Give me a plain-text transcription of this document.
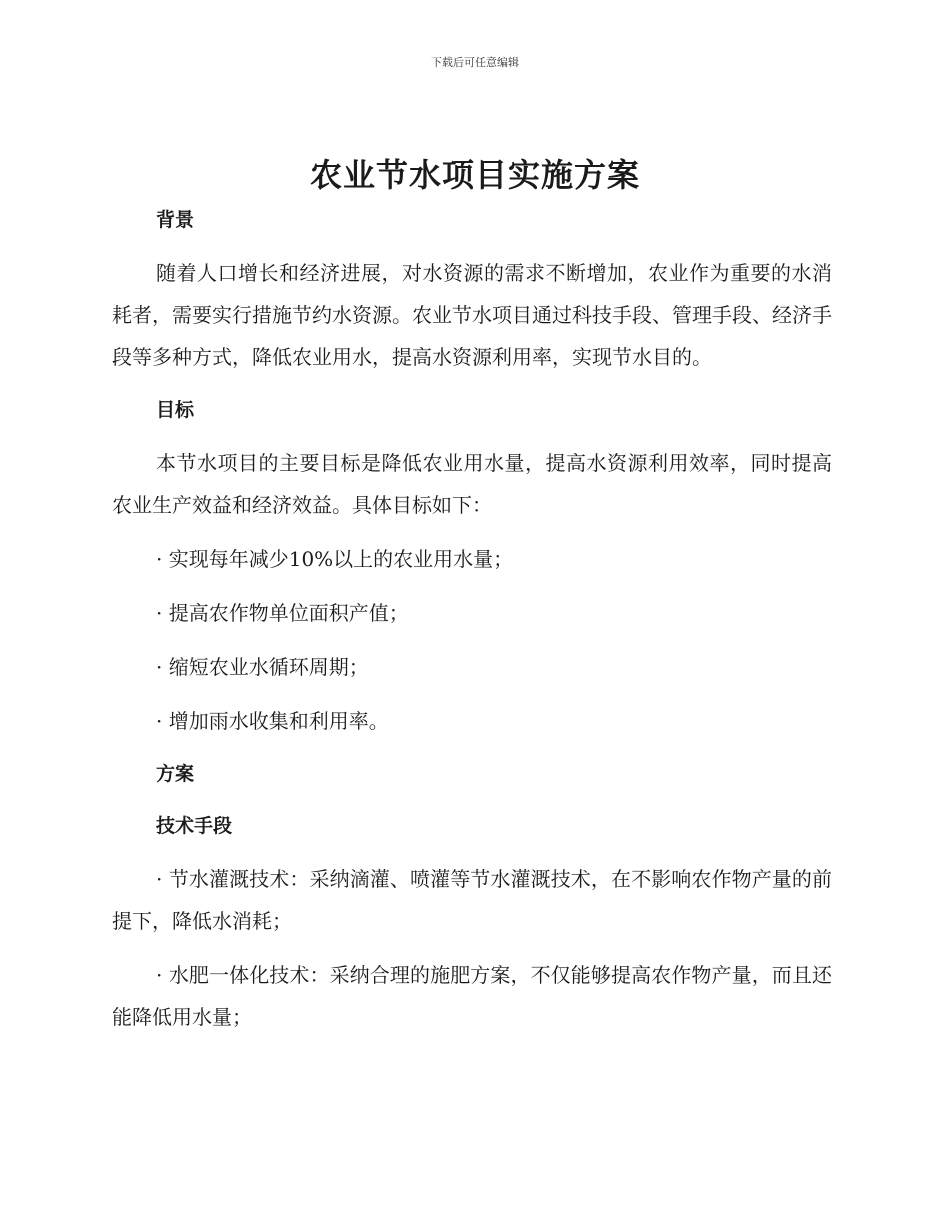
下载后可任意编辑
农业节水项目实施方案
背景

随着人口增长和经济进展，对水资源的需求不断增加，农业作为重要的水消耗者，需要实行措施节约水资源。农业节水项目通过科技手段、管理手段、经济手段等多种方式，降低农业用水，提高水资源利用率，实现节水目的。

目标

本节水项目的主要目标是降低农业用水量，提高水资源利用效率，同时提高农业生产效益和经济效益。具体目标如下：

· 实现每年减少10%以上的农业用水量；
· 提高农作物单位面积产值；
· 缩短农业水循环周期；
· 增加雨水收集和利用率。
方案
技术手段

· 节水灌溉技术：采纳滴灌、喷灌等节水灌溉技术，在不影响农作物产量的前提下，降低水消耗；

· 水肥一体化技术：采纳合理的施肥方案，不仅能够提高农作物产量，而且还能降低用水量；
